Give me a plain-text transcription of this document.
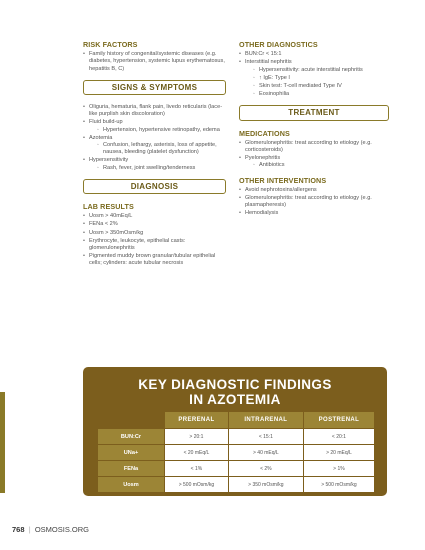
RISK FACTORS
• Family history of congenital/systemic diseases (e.g. diabetes, hypertension, systemic lupus erythematosus, hepatitis B, C)
SIGNS & SYMPTOMS
• Oliguria, hematuria, flank pain, livedo reticularis (lace-like purplish skin discoloration)
• Fluid build-up
◦ Hypertension, hypertensive retinopathy, edema
• Azotemia
◦ Confusion, lethargy, asterixis, loss of appetite, nausea, bleeding (platelet dysfunction)
• Hypersensitivity
◦ Rash, fever, joint swelling/tenderness
DIAGNOSIS
LAB RESULTS
• Uosm > 40mEq/L
• FENa < 2%
• Uosm > 350mOsm/kg
• Erythrocyte, leukocyte, epithelial casts: glomerulonephritis
• Pigmented muddy brown granular/tubular epithelial cells; cylinders: acute tubular necrosis
OTHER DIAGNOSTICS
• BUN:Cr < 15:1
• Interstitial nephritis
◦ Hypersensitivity: acute interstitial nephritis
◦ ↑ IgE: Type I
◦ Skin test: T-cell mediated Type IV
◦ Eosinophilia
TREATMENT
MEDICATIONS
• Glomerulonephritis: treat according to etiology (e.g. corticosteroids)
• Pyelonephritis
◦ Antibiotics
OTHER INTERVENTIONS
• Avoid nephrotoxins/allergens
• Glomerulonephritis: treat according to etiology (e.g. plasmapheresis)
• Hemodialysis
KEY DIAGNOSTIC FINDINGS
IN AZOTEMIA
	PRERENAL	INTRARENAL	POSTRENAL
BUN:Cr	> 20:1	< 15:1	< 20:1
UNa+	< 20 mEq/L	> 40 mEq/L	> 20 mEq/L
FENa	< 1%	< 2%	> 1%
Uosm	> 500 mOsm/kg	> 350 mOsm/kg	> 500 mOsm/kg
768  |  OSMOSIS.ORG
